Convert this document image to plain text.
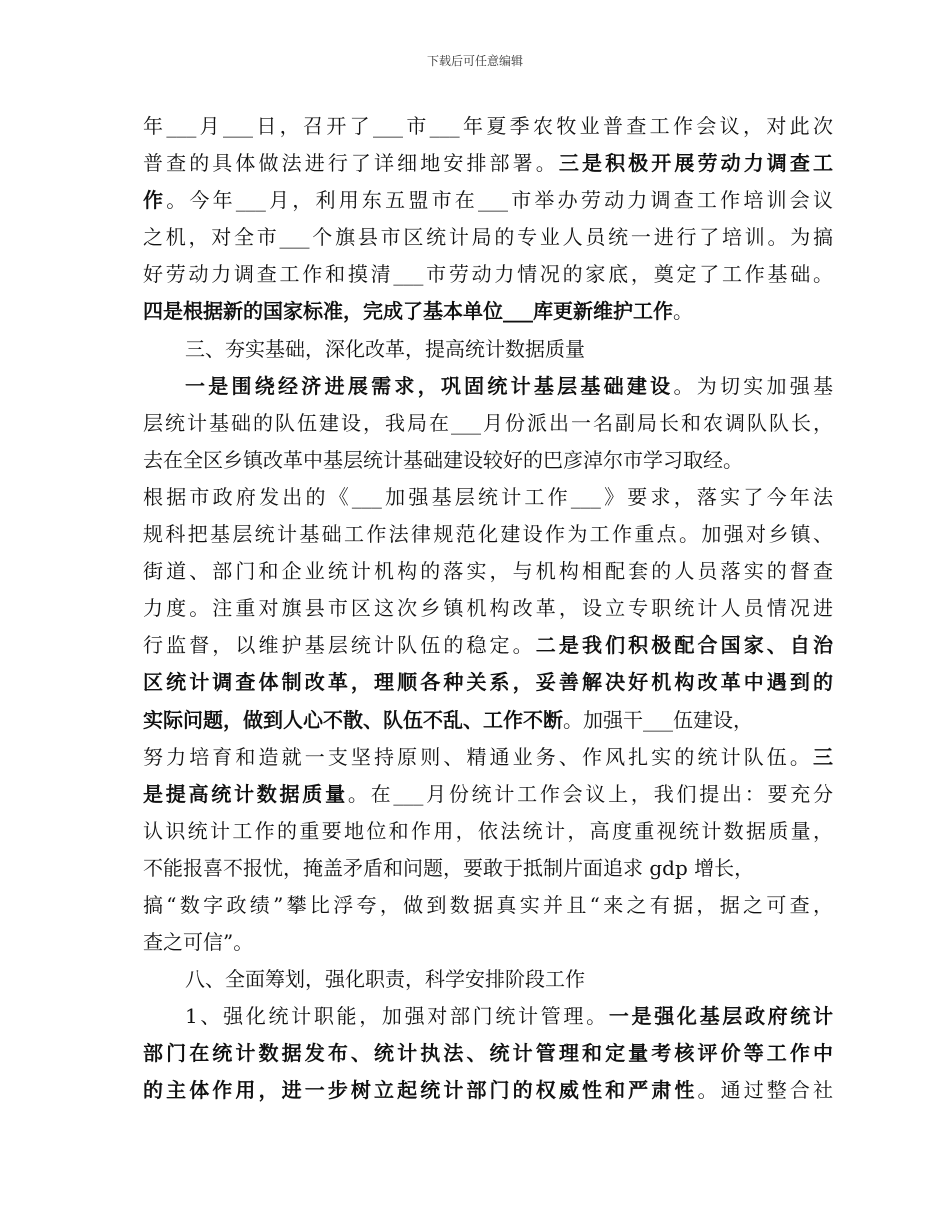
下载后可任意编辑
年___月___日，召开了___市___年夏季农牧业普查工作会议，对此次
普查的具体做法进行了详细地安排部署。三是积极开展劳动力调查工
作。今年___月，利用东五盟市在___市举办劳动力调查工作培训会议
之机，对全市___个旗县市区统计局的专业人员统一进行了培训。为搞
好劳动力调查工作和摸清___市劳动力情况的家底，奠定了工作基础。
四是根据新的国家标准，完成了基本单位___库更新维护工作。
三、夯实基础，深化改革，提高统计数据质量
一是围绕经济进展需求，巩固统计基层基础建设。为切实加强基
层统计基础的队伍建设，我局在___月份派出一名副局长和农调队队长，
去在全区乡镇改革中基层统计基础建设较好的巴彦淖尔市学习取经。
根据市政府发出的《___加强基层统计工作___》要求，落实了今年法
规科把基层统计基础工作法律规范化建设作为工作重点。加强对乡镇、
街道、部门和企业统计机构的落实，与机构相配套的人员落实的督查
力度。注重对旗县市区这次乡镇机构改革，设立专职统计人员情况进
行监督，以维护基层统计队伍的稳定。二是我们积极配合国家、自治
区统计调查体制改革，理顺各种关系，妥善解决好机构改革中遇到的
实际问题，做到人心不散、队伍不乱、工作不断。加强干___伍建设，
努力培育和造就一支坚持原则、精通业务、作风扎实的统计队伍。三
是提高统计数据质量。在___月份统计工作会议上，我们提出：要充分
认识统计工作的重要地位和作用，依法统计，高度重视统计数据质量，
不能报喜不报忧，掩盖矛盾和问题，要敢于抵制片面追求 gdp 增长，
搞“数字政绩”攀比浮夸，做到数据真实并且“来之有据，据之可查，
查之可信”。
八、全面筹划，强化职责，科学安排阶段工作
1、强化统计职能，加强对部门统计管理。一是强化基层政府统计
部门在统计数据发布、统计执法、统计管理和定量考核评价等工作中
的主体作用，进一步树立起统计部门的权威性和严肃性。通过整合社
